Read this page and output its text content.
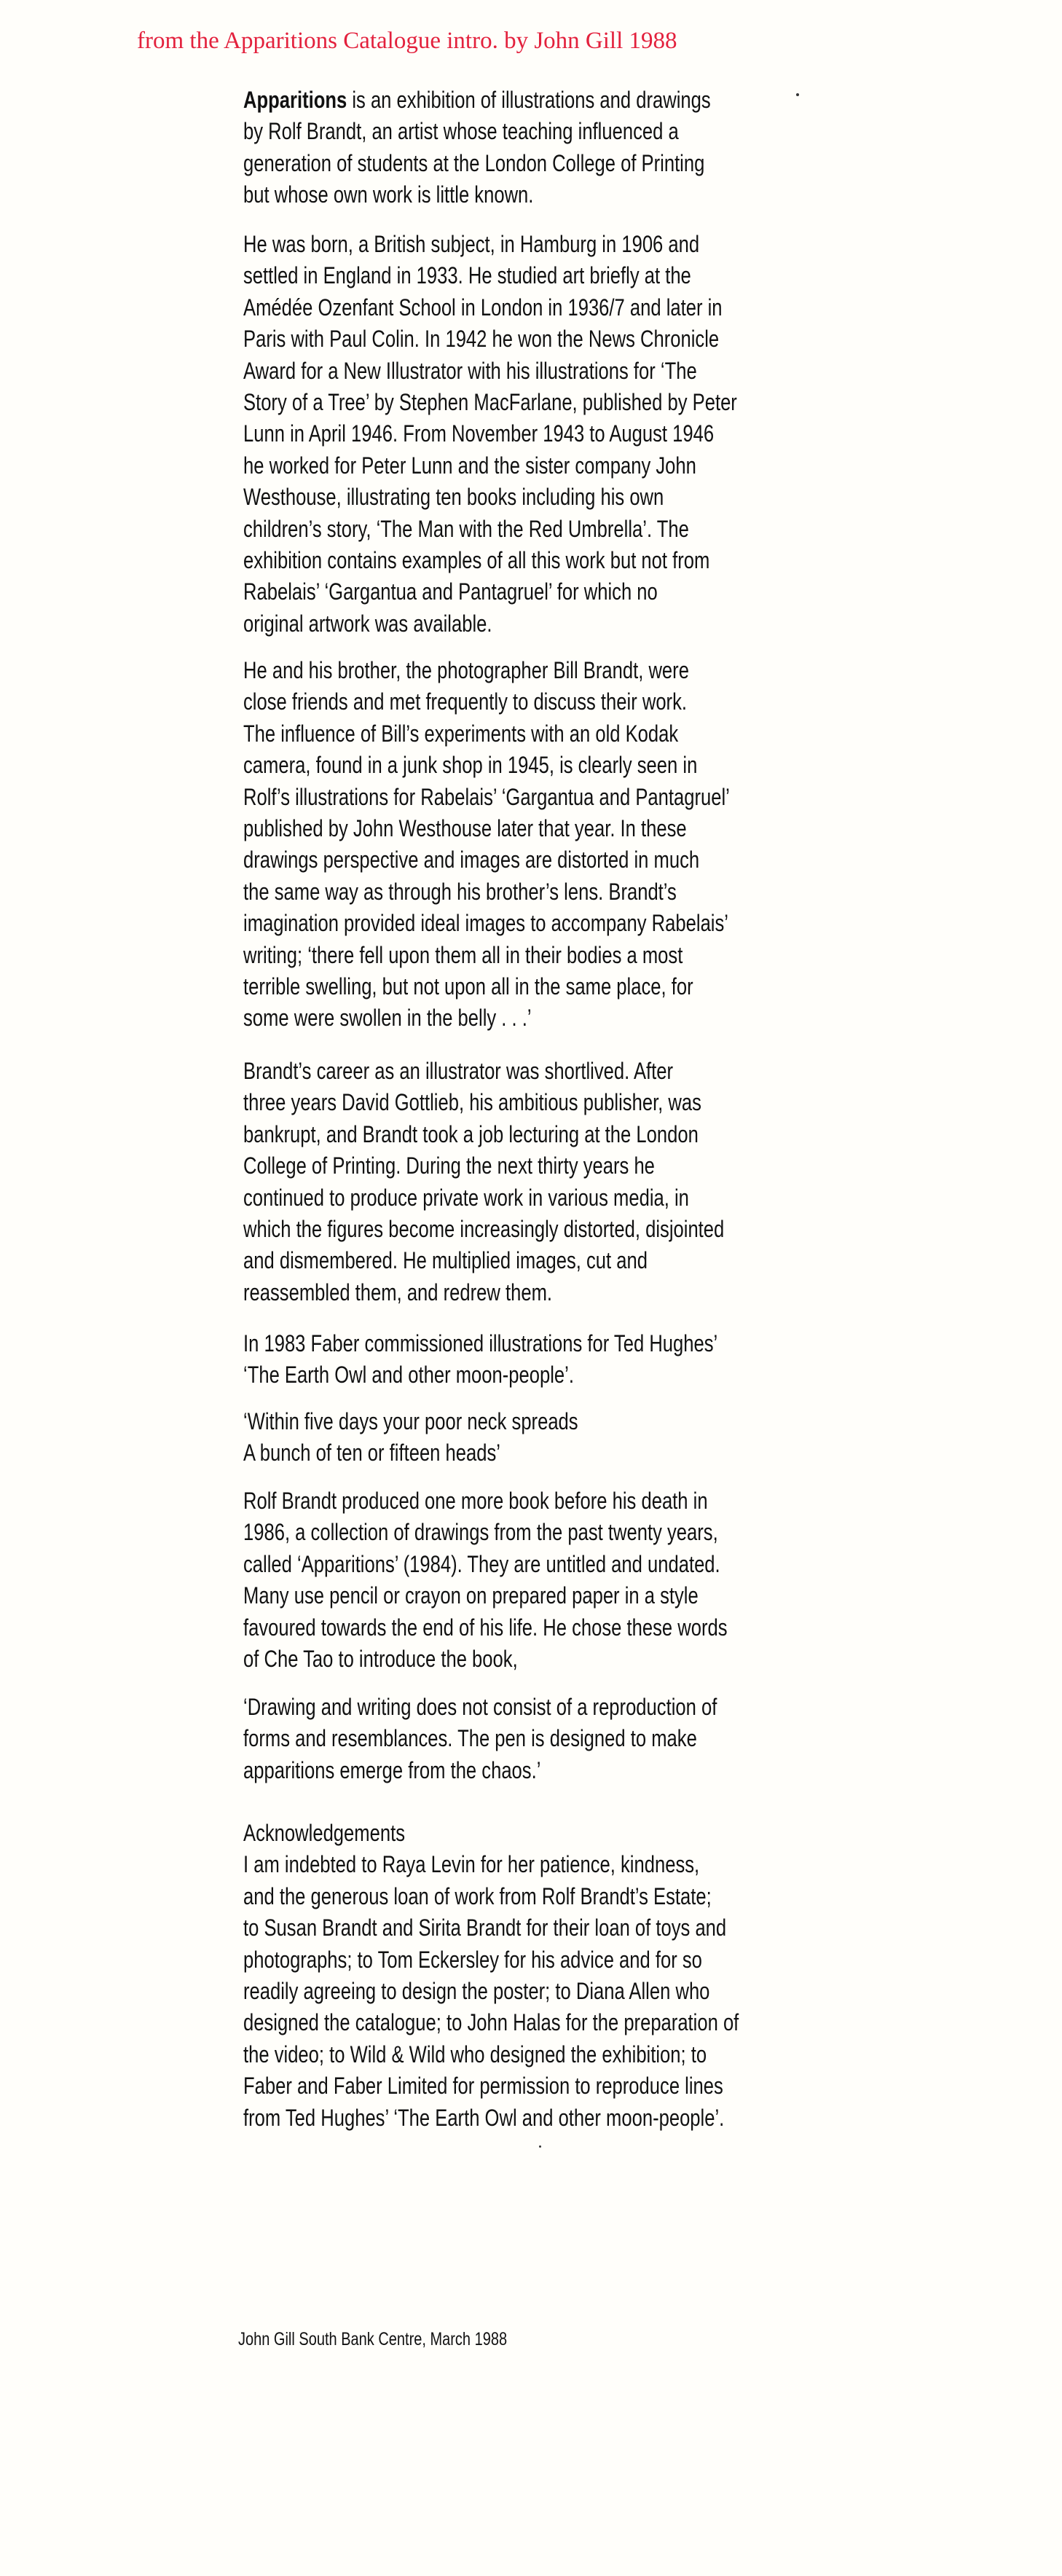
from the Apparitions Catalogue intro. by John Gill 1988
Apparitions is an exhibition of illustrations and drawings
by Rolf Brandt, an artist whose teaching influenced a
generation of students at the London College of Printing
but whose own work is little known.
He was born, a British subject, in Hamburg in 1906 and
settled in England in 1933. He studied art briefly at the
Amédée Ozenfant School in London in 1936/7 and later in
Paris with Paul Colin. In 1942 he won the News Chronicle
Award for a New Illustrator with his illustrations for ‘The
Story of a Tree’ by Stephen MacFarlane, published by Peter
Lunn in April 1946. From November 1943 to August 1946
he worked for Peter Lunn and the sister company John
Westhouse, illustrating ten books including his own
children’s story, ‘The Man with the Red Umbrella’. The
exhibition contains examples of all this work but not from
Rabelais’ ‘Gargantua and Pantagruel’ for which no
original artwork was available.
He and his brother, the photographer Bill Brandt, were
close friends and met frequently to discuss their work.
The influence of Bill’s experiments with an old Kodak
camera, found in a junk shop in 1945, is clearly seen in
Rolf’s illustrations for Rabelais’ ‘Gargantua and Pantagruel’
published by John Westhouse later that year. In these
drawings perspective and images are distorted in much
the same way as through his brother’s lens. Brandt’s
imagination provided ideal images to accompany Rabelais’
writing; ‘there fell upon them all in their bodies a most
terrible swelling, but not upon all in the same place, for
some were swollen in the belly . . .’
Brandt’s career as an illustrator was shortlived. After
three years David Gottlieb, his ambitious publisher, was
bankrupt, and Brandt took a job lecturing at the London
College of Printing. During the next thirty years he
continued to produce private work in various media, in
which the figures become increasingly distorted, disjointed
and dismembered. He multiplied images, cut and
reassembled them, and redrew them.
In 1983 Faber commissioned illustrations for Ted Hughes’
‘The Earth Owl and other moon-people’.
‘Within five days your poor neck spreads
A bunch of ten or fifteen heads’
Rolf Brandt produced one more book before his death in
1986, a collection of drawings from the past twenty years,
called ‘Apparitions’ (1984). They are untitled and undated.
Many use pencil or crayon on prepared paper in a style
favoured towards the end of his life. He chose these words
of Che Tao to introduce the book,
‘Drawing and writing does not consist of a reproduction of
forms and resemblances. The pen is designed to make
apparitions emerge from the chaos.’
Acknowledgements
I am indebted to Raya Levin for her patience, kindness,
and the generous loan of work from Rolf Brandt’s Estate;
to Susan Brandt and Sirita Brandt for their loan of toys and
photographs; to Tom Eckersley for his advice and for so
readily agreeing to design the poster; to Diana Allen who
designed the catalogue; to John Halas for the preparation of
the video; to Wild & Wild who designed the exhibition; to
Faber and Faber Limited for permission to reproduce lines
from Ted Hughes’ ‘The Earth Owl and other moon-people’.
John Gill South Bank Centre, March 1988
